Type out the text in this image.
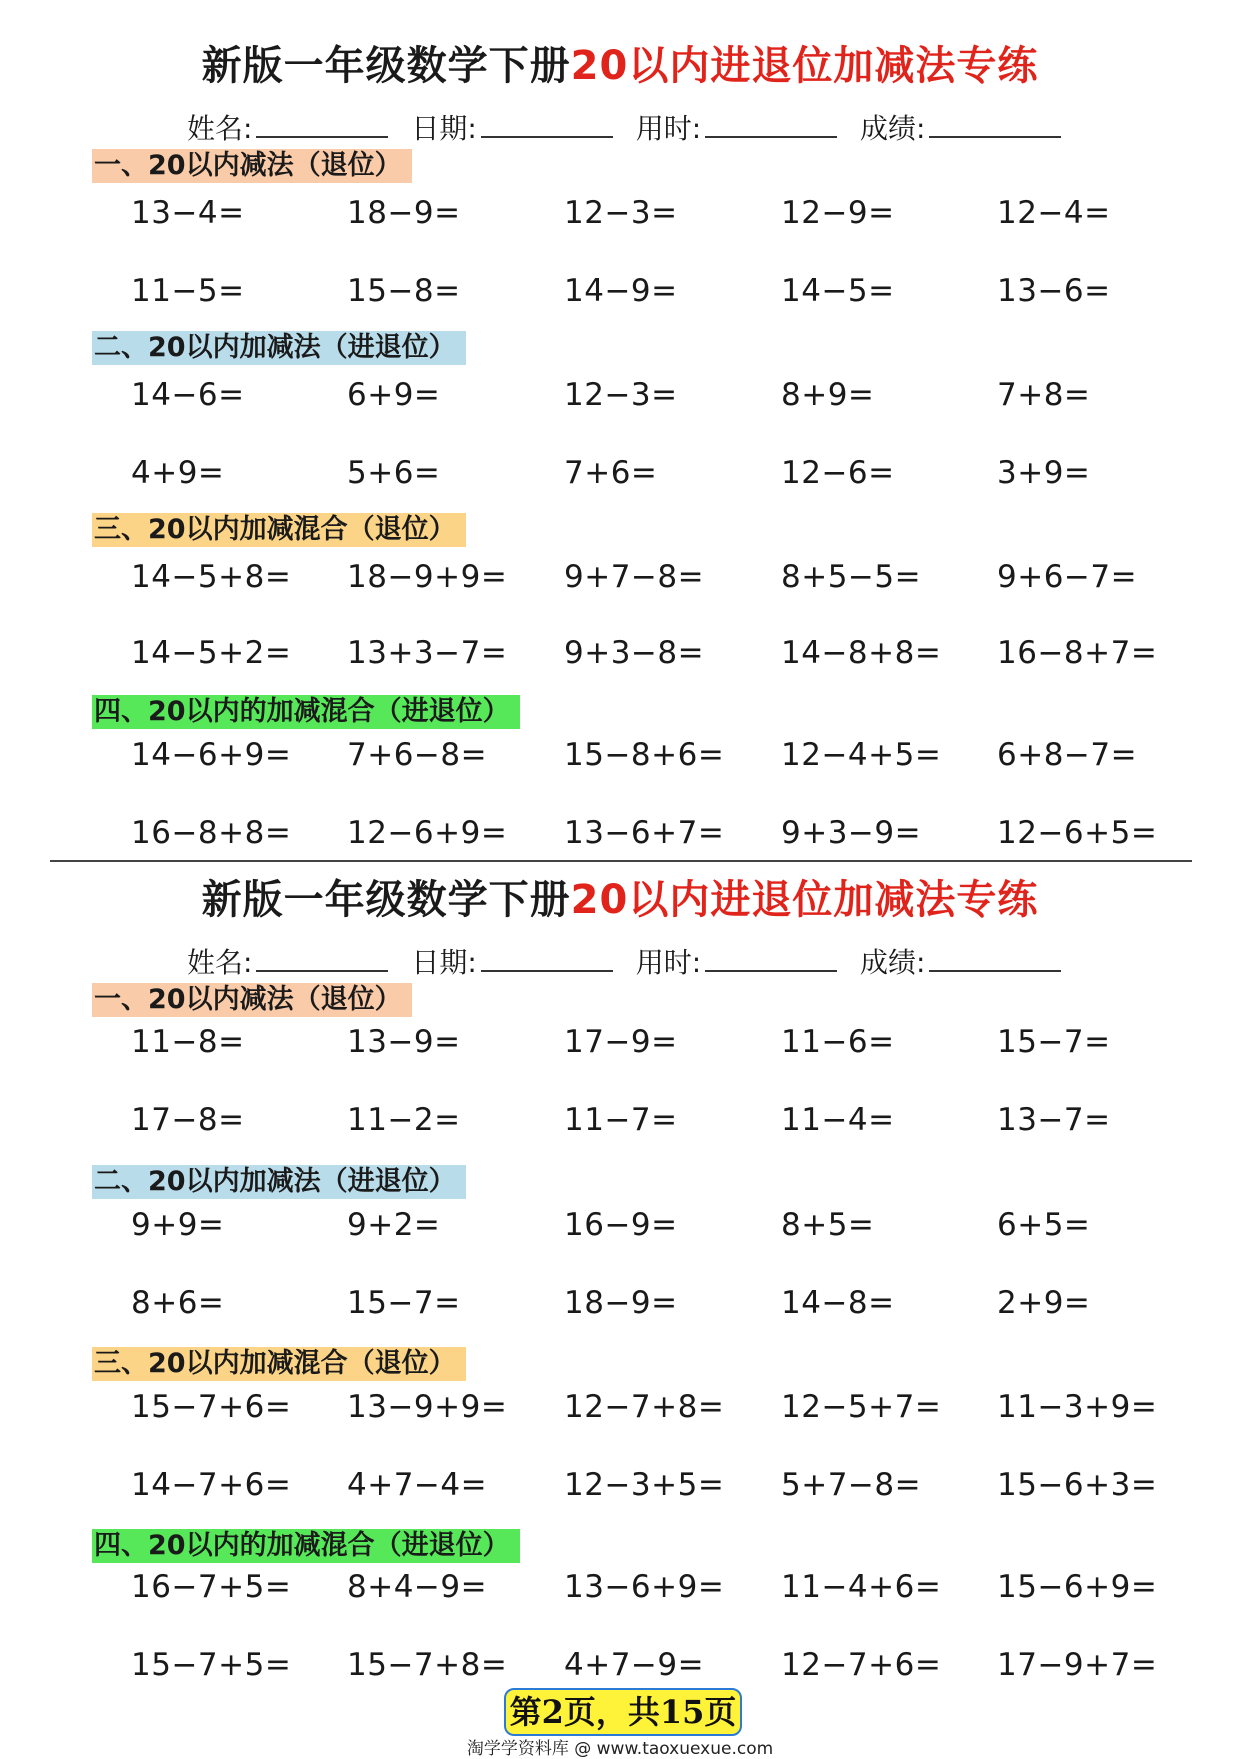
新版一年级数学下册20以内进退位加减法专练
姓名:	日期:	用时:	成绩:
一、20以内减法（退位）
13−4=	18−9=	12−3=	12−9=	12−4=
11−5=	15−8=	14−9=	14−5=	13−6=
二、20以内加减法（进退位）
14−6=	6+9=	12−3=	8+9=	7+8=
4+9=	5+6=	7+6=	12−6=	3+9=
三、20以内加减混合（退位）
14−5+8= 18−9+9= 9+7−8= 8+5−5= 9+6−7=
14−5+2= 13+3−7= 9+3−8= 14−8+8= 16−8+7=
四、20以内的加减混合（进退位）
14−6+9= 7+6−8= 15−8+6= 12−4+5= 6+8−7=
16−8+8= 12−6+9= 13−6+7= 9+3−9= 12−6+5=
新版一年级数学下册20以内进退位加减法专练
姓名:	日期:	用时:	成绩:
一、20以内减法（退位）
11−8=	13−9=	17−9=	11−6=	15−7=
17−8=	11−2=	11−7=	11−4=	13−7=
二、20以内加减法（进退位）
9+9=	9+2=	16−9=	8+5=	6+5=
8+6=	15−7=	18−9=	14−8=	2+9=
三、20以内加减混合（退位）
15−7+6= 13−9+9= 12−7+8= 12−5+7= 11−3+9=
14−7+6= 4+7−4= 12−3+5= 5+7−8= 15−6+3=
四、20以内的加减混合（进退位）
16−7+5= 8+4−9= 13−6+9= 11−4+6= 15−6+9=
15−7+5= 15−7+8= 4+7−9= 12−7+6= 17−9+7=
第2页，共15页
淘学学资料库 @ www.taoxuexue.com
